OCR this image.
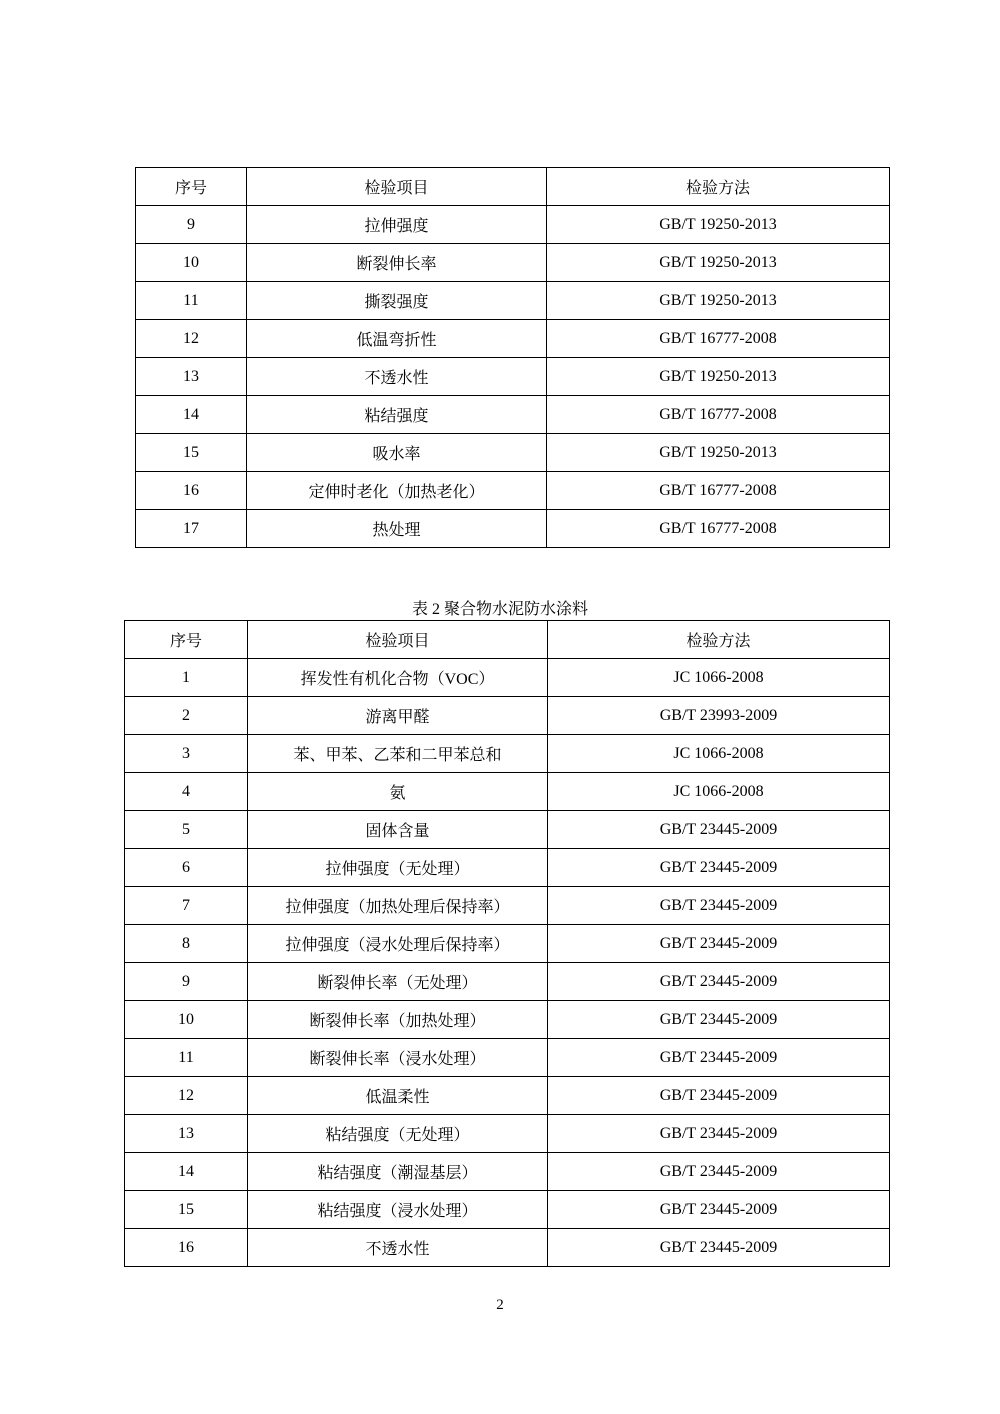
序号	检验项目	检验方法
9	拉伸强度	GB/T 19250-2013
10	断裂伸长率	GB/T 19250-2013
11	撕裂强度	GB/T 19250-2013
12	低温弯折性	GB/T 16777-2008
13	不透水性	GB/T 19250-2013
14	粘结强度	GB/T 16777-2008
15	吸水率	GB/T 19250-2013
16	定伸时老化（加热老化）	GB/T 16777-2008
17	热处理	GB/T 16777-2008
表 2 聚合物水泥防水涂料
序号	检验项目	检验方法
1	挥发性有机化合物（VOC）	JC 1066-2008
2	游离甲醛	GB/T 23993-2009
3	苯、甲苯、乙苯和二甲苯总和	JC 1066-2008
4	氨	JC 1066-2008
5	固体含量	GB/T 23445-2009
6	拉伸强度（无处理）	GB/T 23445-2009
7	拉伸强度（加热处理后保持率）	GB/T 23445-2009
8	拉伸强度（浸水处理后保持率）	GB/T 23445-2009
9	断裂伸长率（无处理）	GB/T 23445-2009
10	断裂伸长率（加热处理）	GB/T 23445-2009
11	断裂伸长率（浸水处理）	GB/T 23445-2009
12	低温柔性	GB/T 23445-2009
13	粘结强度（无处理）	GB/T 23445-2009
14	粘结强度（潮湿基层）	GB/T 23445-2009
15	粘结强度（浸水处理）	GB/T 23445-2009
16	不透水性	GB/T 23445-2009
2
